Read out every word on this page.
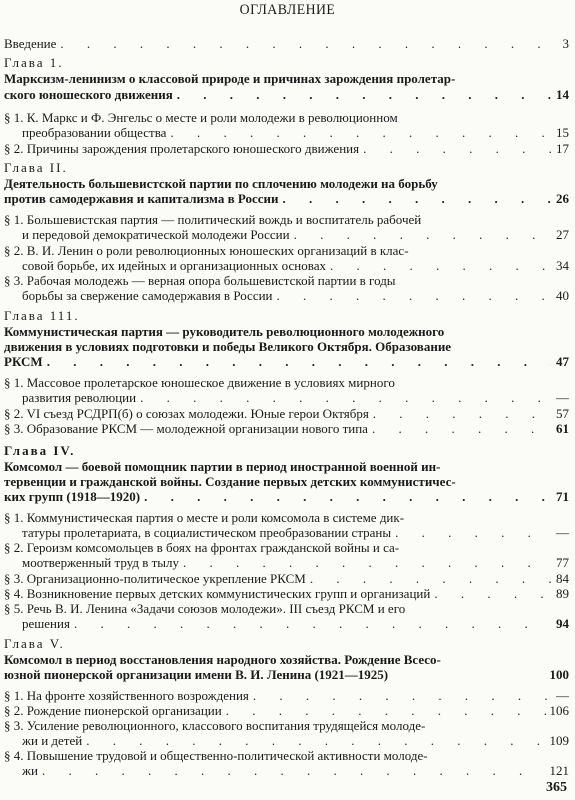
ОГЛАВЛЕНИЕ
Введение . . .	3
Глава 1.
Марксизм-ленинизм о классовой природе и причинах зарождения пролетар-
ского юношеского движения . . .	14
§ 1. К. Маркс и Ф. Энгельс о месте и роли молодежи в революционном
преобразовании общества . . .	15
§ 2. Причины зарождения пролетарского юношеского движения . . .	17
Глава II.
Деятельность большевистской партии по сплочению молодежи на борьбу
против самодержавия и капитализма в России . . .	26
§ 1. Большевистская партия — политический вождь и воспитатель рабочей
и передовой демократической молодежи России . . .	27
§ 2. В. И. Ленин о роли революционных юношеских организаций в клас-
совой борьбе, их идейных и организационных основах . . .	34
§ 3. Рабочая молодежь — верная опора большевистской партии в годы
борьбы за свержение самодержавия в России . . .	40
Глава 111.
Коммунистическая партия — руководитель революционного молодежного
движения в условиях подготовки и победы Великого Октября. Образование
РКСМ . . .	47
§ 1. Массовое пролетарское юношеское движение в условиях мирного
развития революции . . .	—
§ 2. VI съезд РСДРП(б) о союзах молодежи. Юные герои Октября . . .	57
§ 3. Образование РКСМ — молодежной организации нового типа . . .	61
Глава IV.
Комсомол — боевой помощник партии в период иностранной военной ин-
тервенции и гражданской войны. Создание первых детских коммунистичес-
ких групп (1918—1920) . . .	71
§ 1. Коммунистическая партия о месте и роли комсомола в системе дик-
татуры пролетариата, в социалистическом преобразовании страны . . .	—
§ 2. Героизм комсомольцев в боях на фронтах гражданской войны и са-
моотверженный труд в тылу . . .	77
§ 3. Организационно-политическое укрепление РКСМ . . .	84
§ 4. Возникновение первых детских коммунистических групп и организаций . . .	89
§ 5. Речь В. И. Ленина «Задачи союзов молодежи». III съезд РКСМ и его
решения . . .	94
Глава V.
Комсомол в период восстановления народного хозяйства. Рождение Всесо-
юзной пионерской организации имени В. И. Ленина (1921—1925)	100
§ 1. На фронте хозяйственного возрождения . . .	—
§ 2. Рождение пионерской организации . . .	106
§ 3. Усиление революционного, классового воспитания трудящейся молоде-
жи и детей . . .	109
§ 4. Повышение трудовой и общественно-политической активности молоде-
жи . . .	121
365
